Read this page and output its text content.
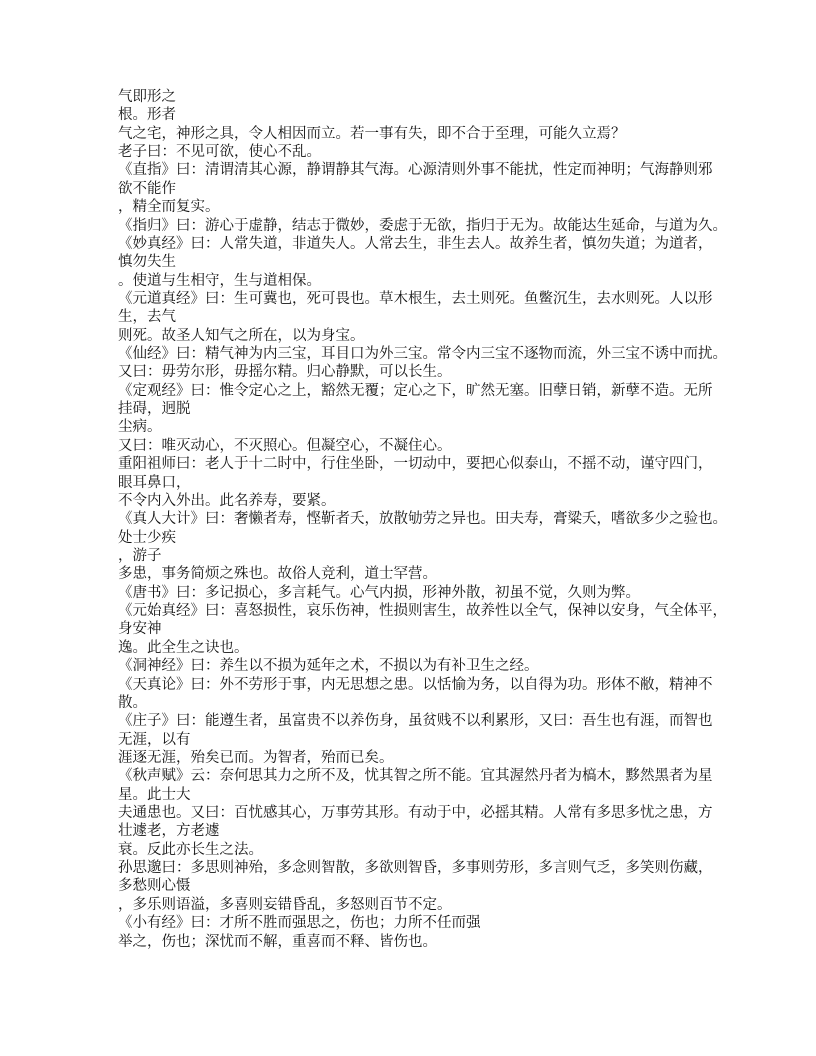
气即形之
根。形者
气之宅，神形之具，令人相因而立。若一事有失，即不合于至理，可能久立焉？
老子曰：不见可欲，使心不乱。
《直指》曰：清谓清其心源，静谓静其气海。心源清则外事不能扰，性定而神明；气海静则邪
欲不能作
，精全而复实。
《指归》曰：游心于虚静，结志于微妙，委虑于无欲，指归于无为。故能达生延命，与道为久。
《妙真经》曰：人常失道，非道失人。人常去生，非生去人。故养生者，慎勿失道；为道者，
慎勿失生
。使道与生相守，生与道相保。
《元道真经》曰：生可冀也，死可畏也。草木根生，去土则死。鱼鳖沉生，去水则死。人以形
生，去气
则死。故圣人知气之所在，以为身宝。
《仙经》曰：精气神为内三宝，耳目口为外三宝。常令内三宝不逐物而流，外三宝不诱中而扰。
又曰：毋劳尔形，毋摇尔精。归心静默，可以长生。
《定观经》曰：惟令定心之上，豁然无覆；定心之下，旷然无塞。旧孽日销，新孽不造。无所
挂碍，迥脱
尘病。
又曰：唯灭动心，不灭照心。但凝空心，不凝住心。
重阳祖师曰：老人于十二时中，行住坐卧，一切动中，要把心似泰山，不摇不动，谨守四门，
眼耳鼻口，
不令内入外出。此名养寿，要紧。
《真人大计》曰：奢懒者寿，悭靳者夭，放散劬劳之异也。田夫寿，膏粱夭，嗜欲多少之验也。
处士少疾
，游子
多患，事务简烦之殊也。故俗人竞利，道士罕营。
《唐书》曰：多记损心，多言耗气。心气内损，形神外散，初虽不觉，久则为弊。
《元始真经》曰：喜怒损性，哀乐伤神，性损则害生，故养性以全气，保神以安身，气全体平，
身安神
逸。此全生之诀也。
《洞神经》曰：养生以不损为延年之术，不损以为有补卫生之经。
《天真论》曰：外不劳形于事，内无思想之患。以恬愉为务，以自得为功。形体不敝，精神不
散。
《庄子》曰：能遵生者，虽富贵不以养伤身，虽贫贱不以利累形，又曰：吾生也有涯，而智也
无涯，以有
涯逐无涯，殆矣已而。为智者，殆而已矣。
《秋声赋》云：奈何思其力之所不及，忧其智之所不能。宜其渥然丹者为槁木，黟然黑者为星
星。此士大
夫通患也。又曰：百忧感其心，万事劳其形。有动于中，必摇其精。人常有多思多忧之患，方
壮遽老，方老遽
衰。反此亦长生之法。
孙思邈曰：多思则神殆，多念则智散，多欲则智昏，多事则劳形，多言则气乏，多笑则伤藏，
多愁则心慑
，多乐则语溢，多喜则妄错昏乱，多怒则百节不定。
《小有经》曰：才所不胜而强思之，伤也；力所不任而强
举之，伤也；深忧而不解，重喜而不释、皆伤也。
